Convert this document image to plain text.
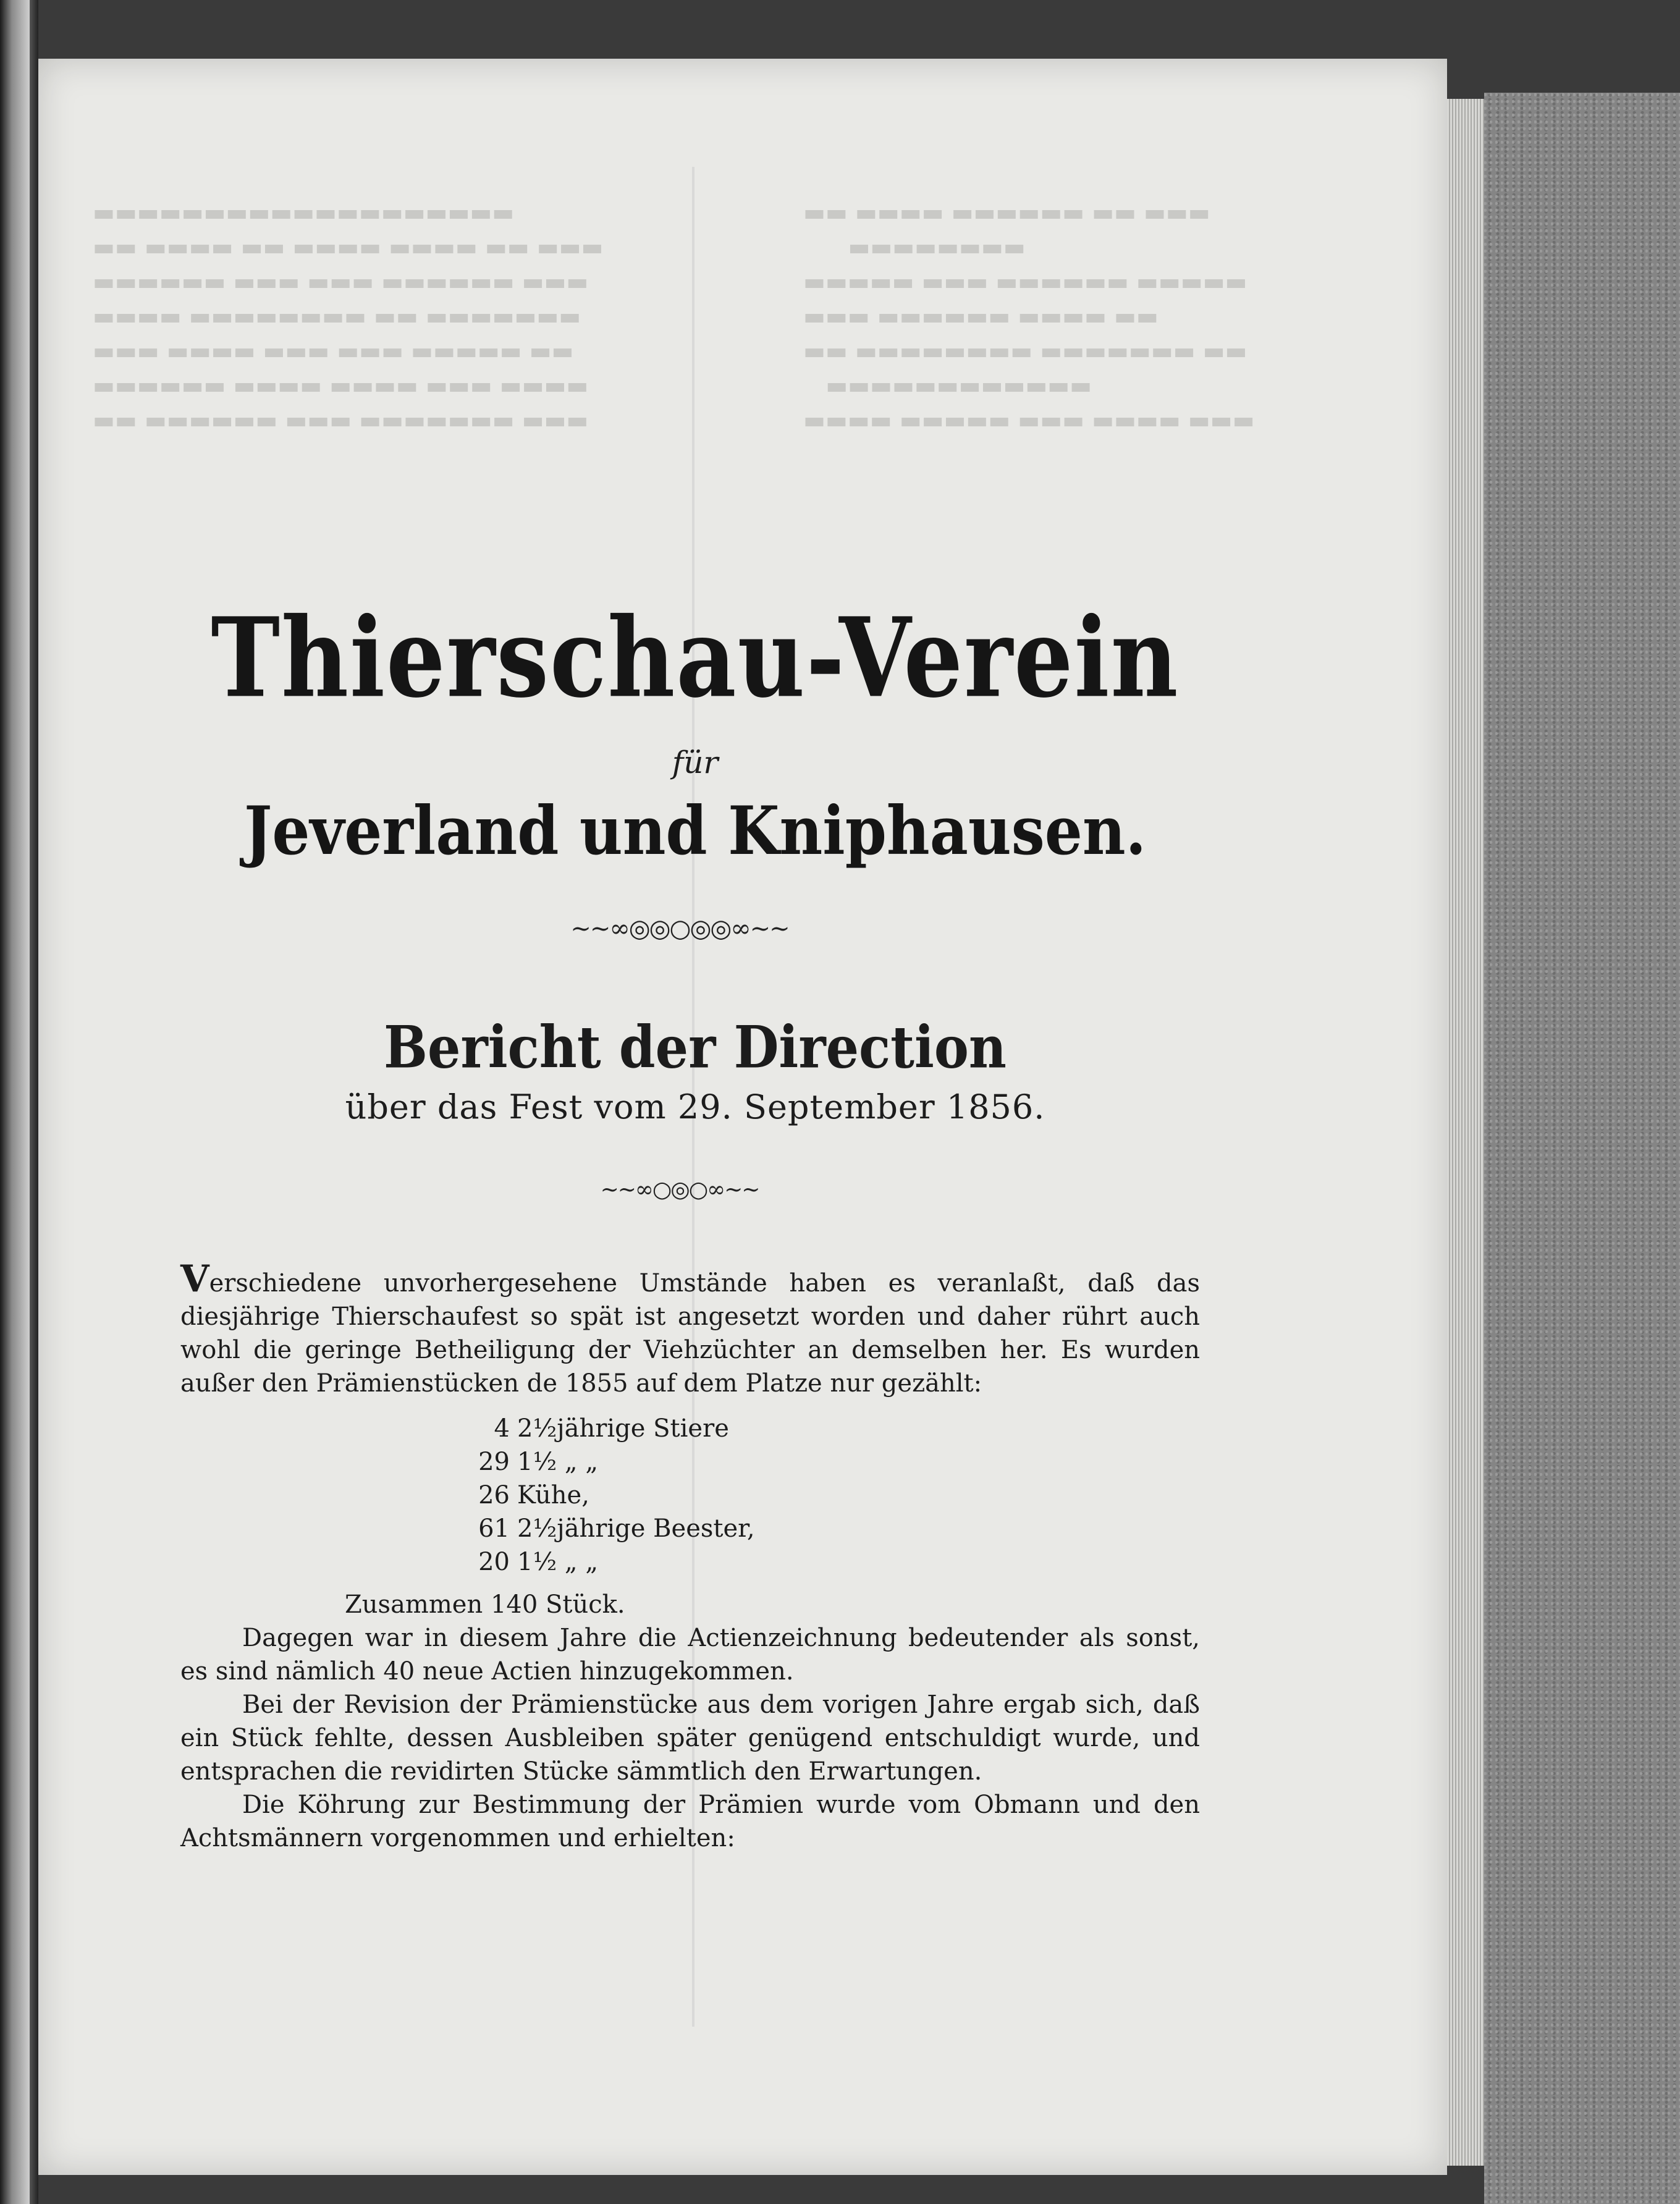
▬▬▬▬▬▬▬▬▬▬▬▬▬▬▬▬▬▬▬
▬▬ ▬▬▬▬ ▬▬ ▬▬▬▬ ▬▬▬▬ ▬▬ ▬▬▬
▬▬▬▬▬▬ ▬▬▬ ▬▬▬ ▬▬▬▬▬▬ ▬▬▬
▬▬▬▬ ▬▬▬▬▬▬▬▬ ▬▬ ▬▬▬▬▬▬▬
▬▬▬ ▬▬▬▬ ▬▬▬ ▬▬▬ ▬▬▬▬▬ ▬▬
▬▬▬▬▬▬ ▬▬▬▬ ▬▬▬▬ ▬▬▬ ▬▬▬▬
▬▬ ▬▬▬▬▬▬ ▬▬▬ ▬▬▬▬▬▬▬ ▬▬▬

▬▬ ▬▬▬▬ ▬▬▬▬▬▬ ▬▬ ▬▬▬
▬▬▬▬▬▬▬▬
▬▬▬▬▬ ▬▬▬ ▬▬▬▬▬▬ ▬▬▬▬▬
▬▬▬ ▬▬▬▬▬▬ ▬▬▬▬ ▬▬
▬▬ ▬▬▬▬▬▬▬▬ ▬▬▬▬▬▬▬ ▬▬
▬▬▬▬▬▬▬▬▬▬▬▬
▬▬▬▬ ▬▬▬▬▬ ▬▬▬ ▬▬▬▬ ▬▬▬

Thierschau-Verein
für
Jeverland und Kniphausen.
~~∞◎◎○◎◎∞~~
Bericht der Direction
über das Fest vom 29. September 1856.
~~∞○◎○∞~~
Verschiedene unvorhergesehene Umstände haben es veranlaßt, daß das diesjährige Thierschaufest so spät ist angesetzt worden und daher rührt auch wohl die geringe Betheiligung der Viehzüchter an demselben her. Es wurden außer den Prämienstücken de 1855 auf dem Platze nur gezählt:
4 2½jährige Stiere
29 1½ „ „
26 Kühe,
61 2½jährige Beester,
20 1½ „ „
Zusammen 140 Stück.
Dagegen war in diesem Jahre die Actienzeichnung bedeutender als sonst, es sind nämlich 40 neue Actien hinzugekommen.
Bei der Revision der Prämienstücke aus dem vorigen Jahre ergab sich, daß ein Stück fehlte, dessen Ausbleiben später genügend entschuldigt wurde, und entsprachen die revidirten Stücke sämmtlich den Erwartungen.
Die Köhrung zur Bestimmung der Prämien wurde vom Obmann und den Achtsmännern vorgenommen und erhielten:
